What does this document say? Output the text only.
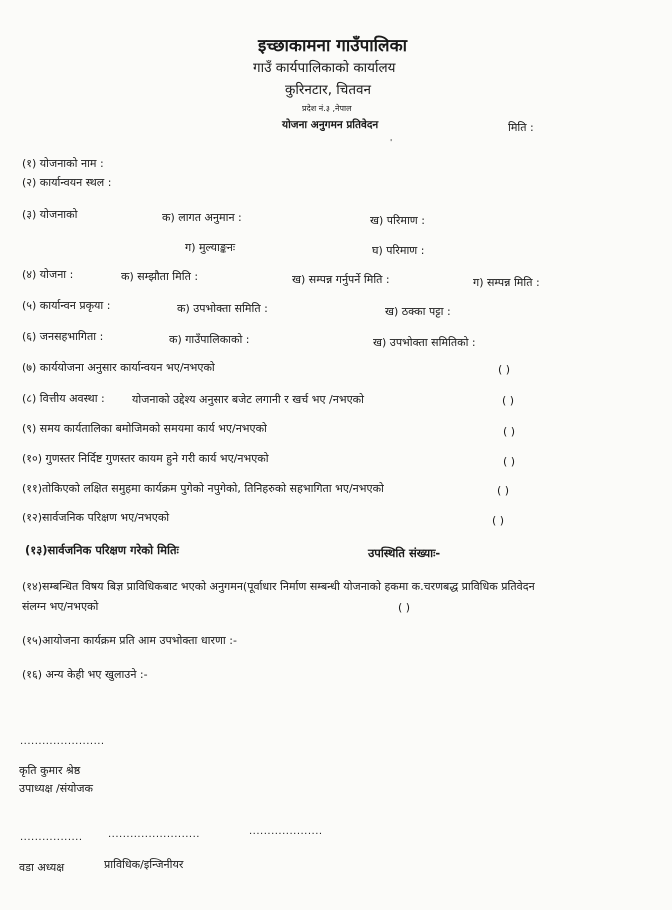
इच्छाकामना गाउँपालिका
गाउँ कार्यपालिकाको कार्यालय
कुरिनटार, चितवन
प्रदेश नं.३ ,नेपाल
योजना अनुगमन प्रतिवेदन	मिति :
'
(१) योजनाको नाम :
(२) कार्यान्वयन स्थल :
(३) योजनाको	क) लागत अनुमान :	ख) परिमाण :
ग) मुल्याङ्कनः	घ) परिमाण :
(४) योजना :	क) सम्झौता मिति :	ख) सम्पन्न गर्नुपर्ने मिति :	ग) सम्पन्न मिति :
(५) कार्यान्वन प्रकृया :	क) उपभोक्ता समिति :	ख) ठक्का पट्टा :
(६) जनसहभागिता :	क) गाउँपालिकाको :	ख) उपभोक्ता समितिको :
(७) कार्ययोजना अनुसार कार्यान्वयन भए/नभएको	( )
(८) वित्तीय अवस्था : योजनाको उद्देश्य अनुसार बजेट लगानी र खर्च भए /नभएको	( )
(९) समय कार्यतालिका बमोजिमको समयमा कार्य भए/नभएको	( )
(१०) गुणस्तर निर्दिष्ट गुणस्तर कायम हुने गरी कार्य भए/नभएको	( )
(११)तोकिएको लक्षित समुहमा कार्यक्रम पुगेको नपुगेको, तिनिहरुको सहभागिता भए/नभएको	( )
(१२)सार्वजनिक परिक्षण भए/नभएको	( )
(१३)सार्वजनिक परिक्षण गरेको मितिः	उपस्थिति संख्याः-
(१४)सम्बन्धित विषय बिज्ञ प्राविधिकबाट भएको अनुगमन(पूर्वाधार निर्माण सम्बन्धी योजनाको हकमा क.चरणबद्ध प्राविधिक प्रतिवेदन
संलग्न भए/नभएको	( )
(१५)आयोजना कार्यक्रम प्रति आम उपभोक्ता धारणा :-
(१६) अन्य केही भए खुलाउने :-
.......................
कृति कुमार श्रेष्ठ
उपाध्यक्ष /संयोजक
.................	.........................	....................
वडा अध्यक्ष	प्राविधिक/इन्जिनीयर
